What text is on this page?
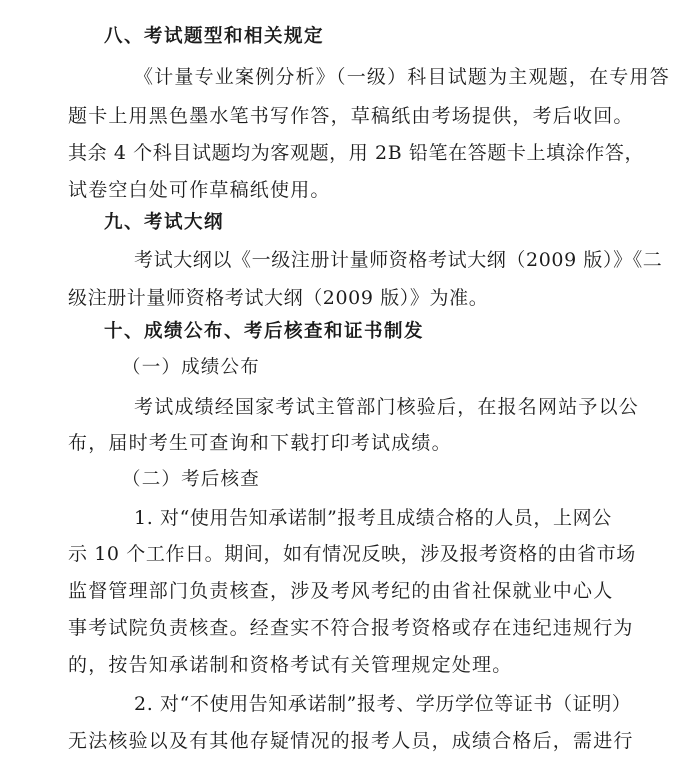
八、考试题型和相关规定
《计量专业案例分析》（一级）科目试题为主观题，在专用答
题卡上用黑色墨水笔书写作答，草稿纸由考场提供，考后收回。
其余 4 个科目试题均为客观题，用 2B 铅笔在答题卡上填涂作答，
试卷空白处可作草稿纸使用。
九、考试大纲
考试大纲以《一级注册计量师资格考试大纲（2009 版）》《二
级注册计量师资格考试大纲（2009 版）》为准。
十、成绩公布、考后核查和证书制发
（一）成绩公布
考试成绩经国家考试主管部门核验后，在报名网站予以公
布，届时考生可查询和下载打印考试成绩。
（二）考后核查
1. 对“使用告知承诺制”报考且成绩合格的人员，上网公
示 10 个工作日。期间，如有情况反映，涉及报考资格的由省市场
监督管理部门负责核查，涉及考风考纪的由省社保就业中心人
事考试院负责核查。经查实不符合报考资格或存在违纪违规行为
的，按告知承诺制和资格考试有关管理规定处理。
2. 对“不使用告知承诺制”报考、学历学位等证书（证明）
无法核验以及有其他存疑情况的报考人员，成绩合格后，需进行
